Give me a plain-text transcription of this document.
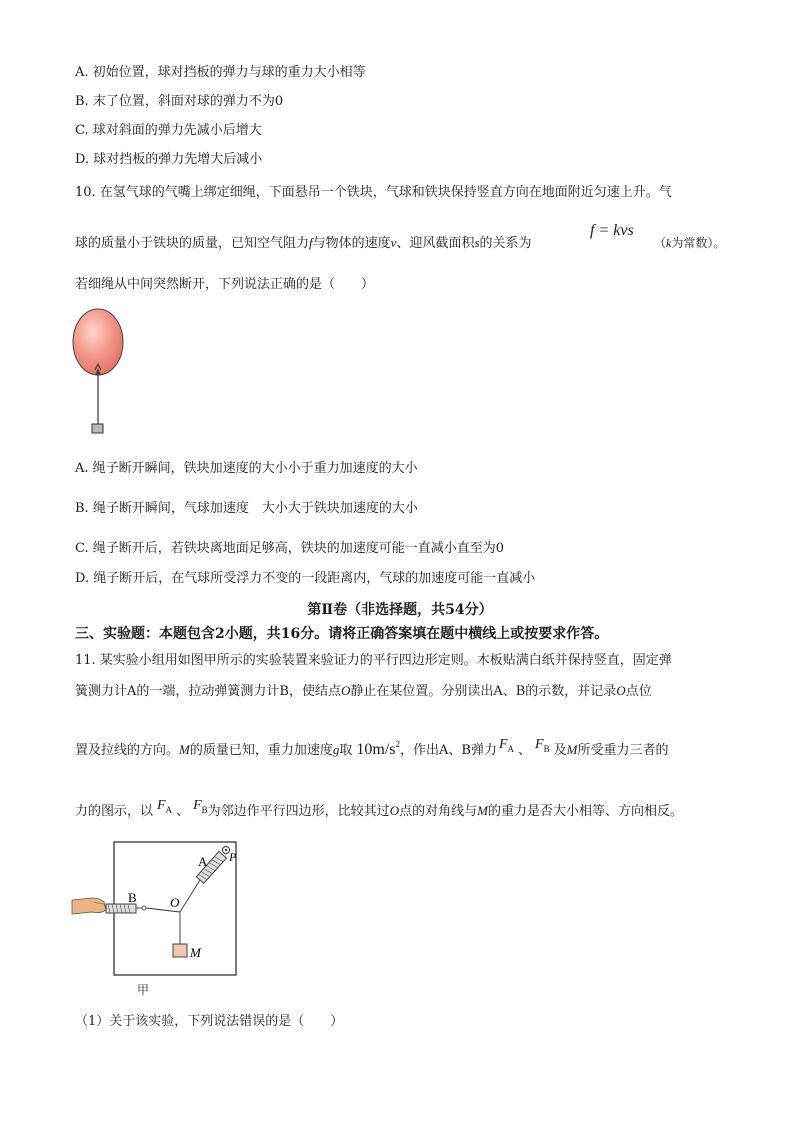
A. 初始位置，球对挡板的弹力与球的重力大小相等
B. 末了位置，斜面对球的弹力不为0
C. 球对斜面的弹力先减小后增大
D. 球对挡板的弹力先增大后减小
10. 在氢气球的气嘴上绑定细绳，下面悬吊一个铁块，气球和铁块保持竖直方向在地面附近匀速上升。气
球的质量小于铁块的质量，已知空气阻力f与物体的速度v、迎风截面积s的关系为
f = kvs
（k为常数）。
若细绳从中间突然断开，下列说法正确的是（　　）
A. 绳子断开瞬间，铁块加速度的大小小于重力加速度的大小
B. 绳子断开瞬间，气球加速度　大小大于铁块加速度的大小
C. 绳子断开后，若铁块离地面足够高，铁块的加速度可能一直减小直至为0
D. 绳子断开后，在气球所受浮力不变的一段距离内，气球的加速度可能一直减小
第Ⅱ卷（非选择题，共54分）
三、实验题：本题包含2小题，共16分。请将正确答案填在题中横线上或按要求作答。
11. 某实验小组用如图甲所示的实验装置来验证力的平行四边形定则。木板贴满白纸并保持竖直，固定弹
簧测力计A的一端，拉动弹簧测力计B，使结点O静止在某位置。分别读出A、B的示数，并记录O点位
置及拉线的方向。M的质量已知，重力加速度g取 $10m/s^2$，作出A、B弹力 $F_A$ 、 $F_B$ 及M所受重力三者的
力的图示，以 $F_A$ 、 $F_B$为邻边作平行四边形，比较其过O点的对角线与M的重力是否大小相等、方向相反。
A P
B	O
M
甲
（1）关于该实验，下列说法错误的是（　　）
